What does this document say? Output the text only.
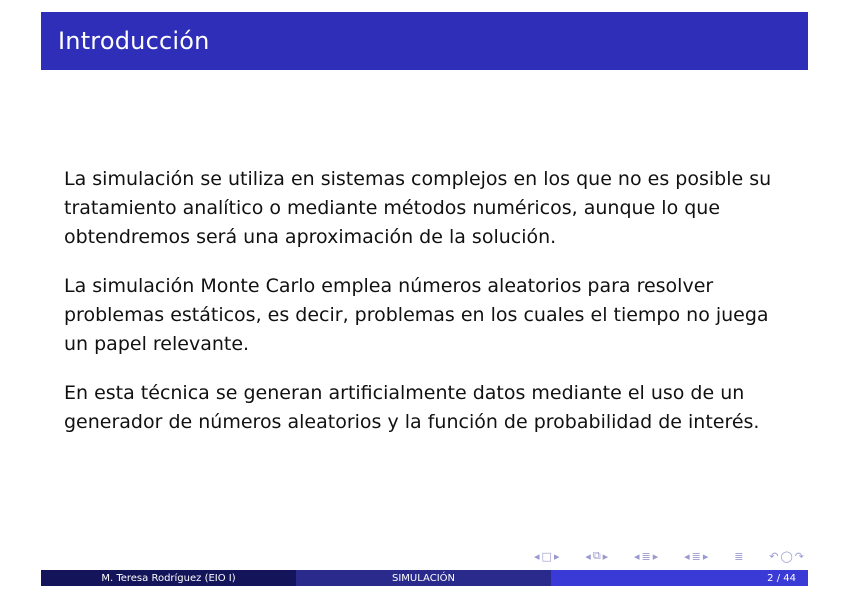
Introducción

La simulación se utiliza en sistemas complejos en los que no es posible su tratamiento analítico o mediante métodos numéricos, aunque lo que obtendremos será una aproximación de la solución.

La simulación Monte Carlo emplea números aleatorios para resolver problemas estáticos, es decir, problemas en los cuales el tiempo no juega un papel relevante.

En esta técnica se generan artificialmente datos mediante el uso de un generador de números aleatorios y la función de probabilidad de interés.

◂ □ ▸ ◂ ⧉ ▸ ◂ ≣ ▸ ◂ ≣ ▸ ≣ ↶ ◯ ↷
M. Teresa Rodríguez (EIO I)	SIMULACIÓN	2 / 44
